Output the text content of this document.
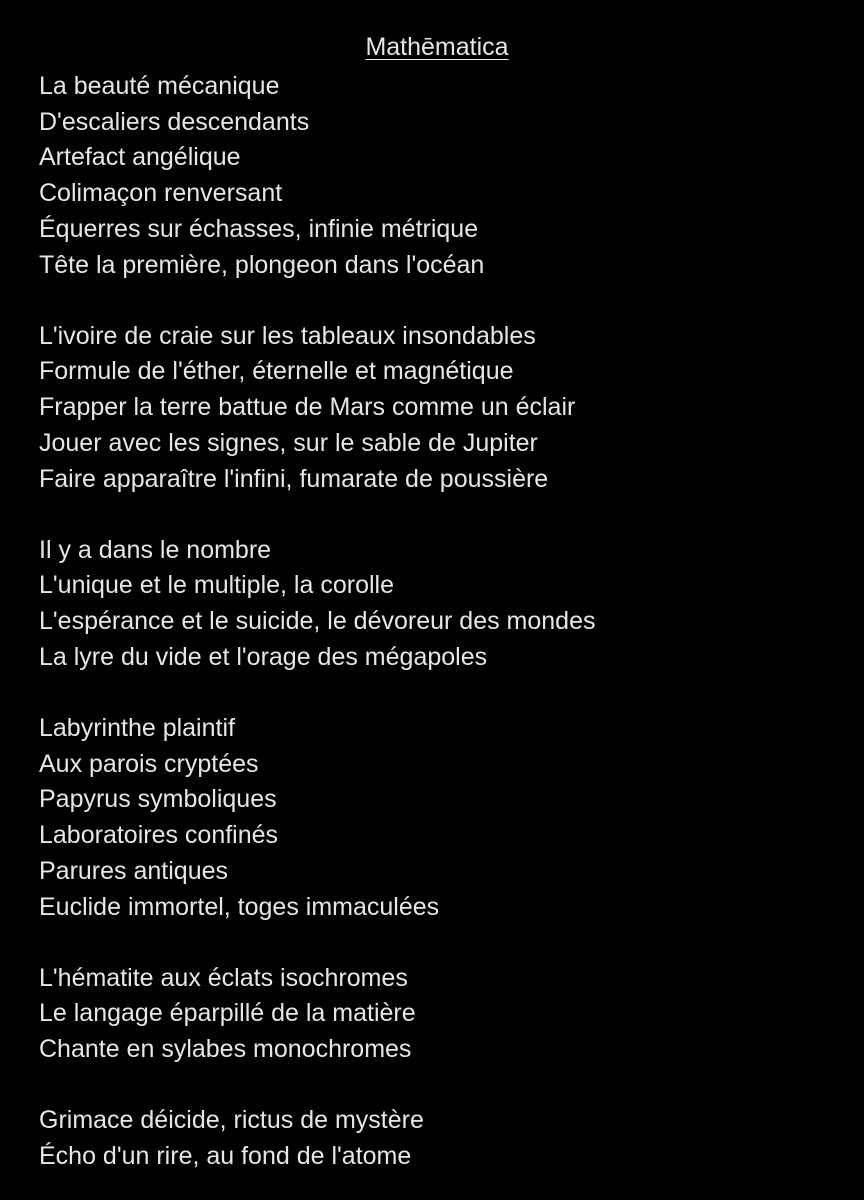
Mathēmatica
La beauté mécanique
D'escaliers descendants
Artefact angélique
Colimaçon renversant
Équerres sur échasses, infinie métrique
Tête la première, plongeon dans l'océan
L'ivoire de craie sur les tableaux insondables
Formule de l'éther, éternelle et magnétique
Frapper la terre battue de Mars comme un éclair
Jouer avec les signes, sur le sable de Jupiter
Faire apparaître l'infini, fumarate de poussière
Il y a dans le nombre
L'unique et le multiple, la corolle
L'espérance et le suicide, le dévoreur des mondes
La lyre du vide et l'orage des mégapoles
Labyrinthe plaintif
Aux parois cryptées
Papyrus symboliques
Laboratoires confinés
Parures antiques
Euclide immortel, toges immaculées
L'hématite aux éclats isochromes
Le langage éparpillé de la matière
Chante en sylabes monochromes
Grimace déicide, rictus de mystère
Écho d'un rire, au fond de l'atome
